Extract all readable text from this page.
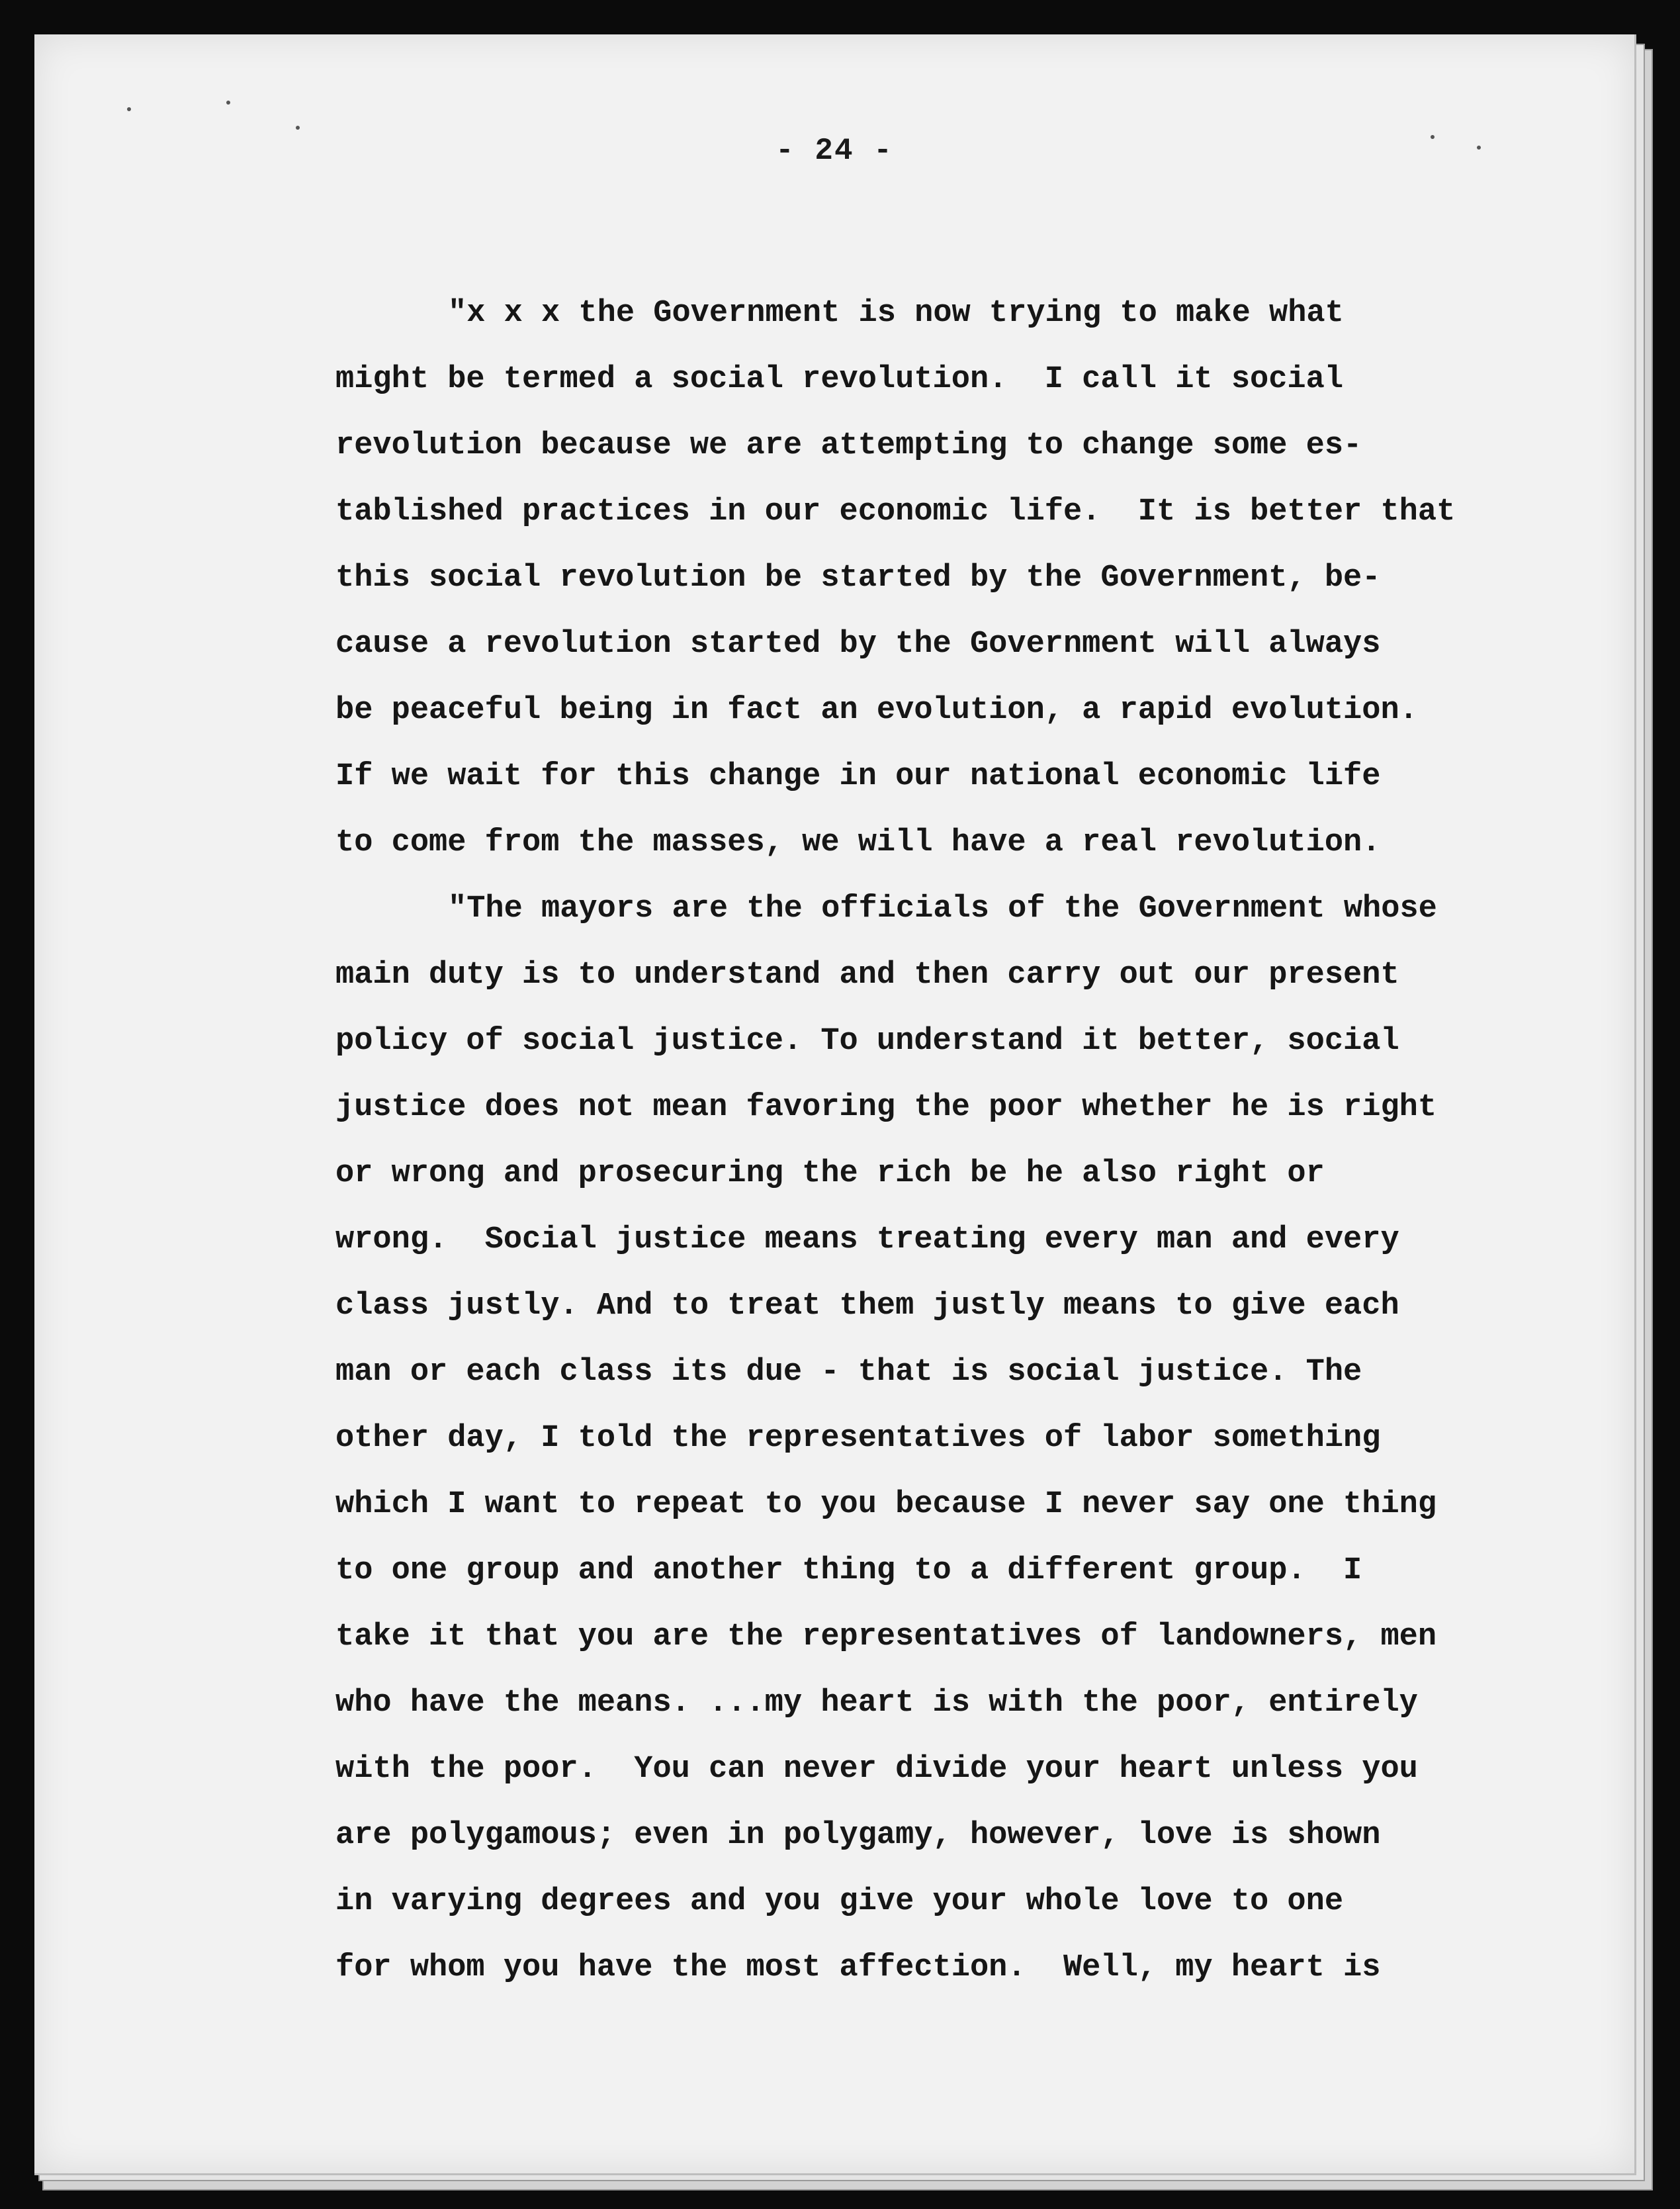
- 24 -
"x x x the Government is now trying to make what
might be termed a social revolution.  I call it social
revolution because we are attempting to change some es-
tablished practices in our economic life.  It is better that
this social revolution be started by the Government, be-
cause a revolution started by the Government will always
be peaceful being in fact an evolution, a rapid evolution.
If we wait for this change in our national economic life
to come from the masses, we will have a real revolution.
"The mayors are the officials of the Government whose
main duty is to understand and then carry out our present
policy of social justice. To understand it better, social
justice does not mean favoring the poor whether he is right
or wrong and prosecuring the rich be he also right or
wrong.  Social justice means treating every man and every
class justly. And to treat them justly means to give each
man or each class its due - that is social justice. The
other day, I told the representatives of labor something
which I want to repeat to you because I never say one thing
to one group and another thing to a different group.  I
take it that you are the representatives of landowners, men
who have the means. ...my heart is with the poor, entirely
with the poor.  You can never divide your heart unless you
are polygamous; even in polygamy, however, love is shown
in varying degrees and you give your whole love to one
for whom you have the most affection.  Well, my heart is
